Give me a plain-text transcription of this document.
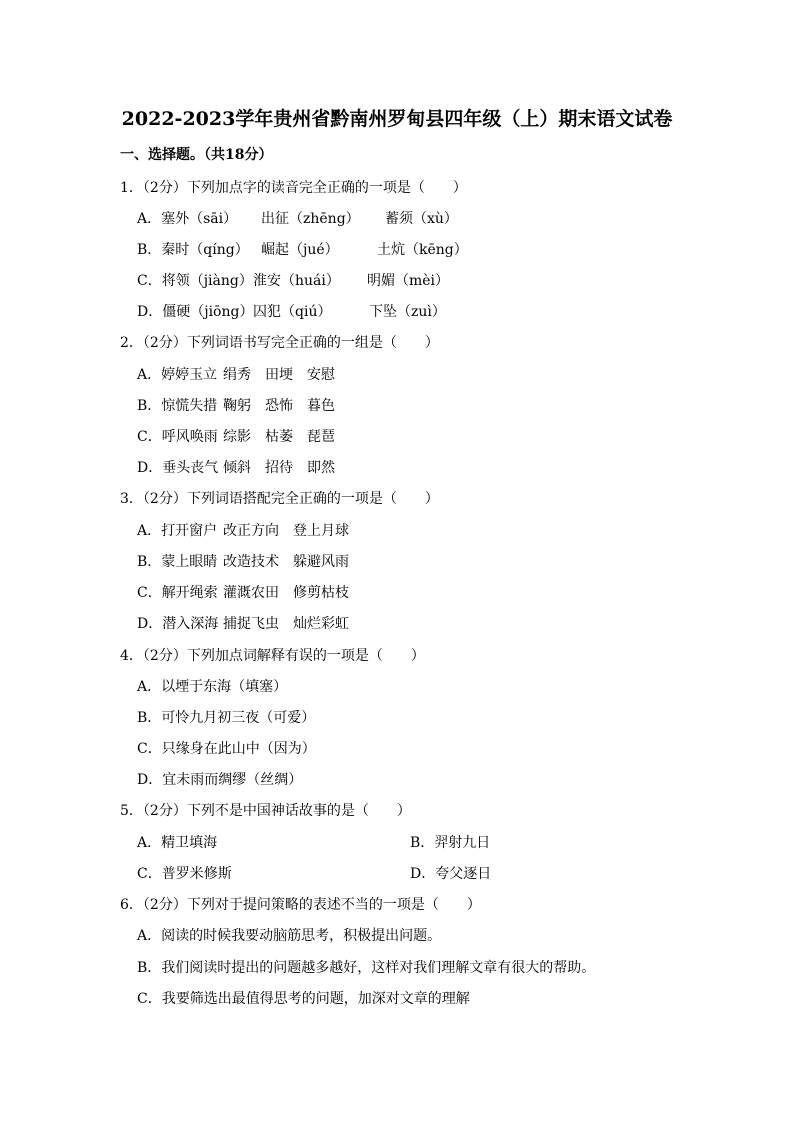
2022-2023学年贵州省黔南州罗甸县四年级（上）期末语文试卷
一、选择题。（共18分）
1．（2分）下列加点字的读音完全正确的一项是（　　）
A．塞外（sāi） 出征（zhēng） 蓄须（xù）
B．秦时（qíng） 崛起（jué）	土炕（kēng）
C．将领（jiàng）淮安（huái） 明媚（mèi）
D．僵硬（jiōng）囚犯（qiú）	下坠（zuì）
2．（2分）下列词语书写完全正确的一组是（　　）
A．婷婷玉立 绢秀 田埂 安慰
B．惊慌失措 鞠躬 恐怖 暮色
C．呼风唤雨 综影 枯萎 琵琶
D．垂头丧气 倾斜 招待 即然
3．（2分）下列词语搭配完全正确的一项是（　　）
A．打开窗户 改正方向 登上月球
B．蒙上眼睛 改造技术 躲避风雨
C．解开绳索 灌溉农田 修剪枯枝
D．潜入深海 捕捉飞虫 灿烂彩虹
4．（2分）下列加点词解释有误的一项是（　　）
A．以堙于东海（填塞）
B．可怜九月初三夜（可爱）
C．只缘身在此山中（因为）
D．宜未雨而绸缪（丝绸）
5．（2分）下列不是中国神话故事的是（　　）
A．精卫填海	B．羿射九日
C．普罗米修斯	D．夸父逐日
6．（2分）下列对于提问策略的表述不当的一项是（　　）
A．阅读的时候我要动脑筋思考，积极提出问题。
B．我们阅读时提出的问题越多越好，这样对我们理解文章有很大的帮助。
C．我要筛选出最值得思考的问题，加深对文章的理解
